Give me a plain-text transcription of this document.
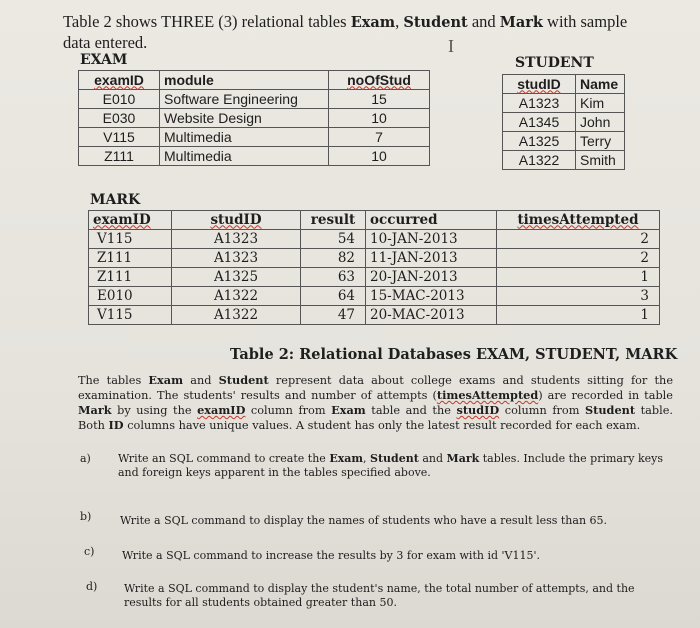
Table 2 shows THREE (3) relational tables Exam, Student and Mark with sample
data entered.	I
EXAM
examID	module	noOfStud
E010	Software Engineering	15
E030	Website Design	10
V115	Multimedia	7
Z111	Multimedia	10
STUDENT
studID	Name
A1323	Kim
A1345	John
A1325	Terry
A1322	Smith
MARK
examID	studID	result	occurred	timesAttempted
V115	A1323	54	10-JAN-2013	2
Z111	A1323	82	11-JAN-2013	2
Z111	A1325	63	20-JAN-2013	1
E010	A1322	64	15-MAC-2013	3
V115	A1322	47	20-MAC-2013	1
Table 2: Relational Databases EXAM, STUDENT, MARK
The tables Exam and Student represent data about college exams and students sitting for the examination. The students' results and number of attempts (timesAttempted) are recorded in table Mark by using the examID column from Exam table and the studID column from Student table. Both ID columns have unique values. A student has only the latest result recorded for each exam.
a) Write an SQL command to create the Exam, Student and Mark tables. Include the primary keys and foreign keys apparent in the tables specified above.
b)	Write a SQL command to display the names of students who have a result less than 65.
c)	Write a SQL command to increase the results by 3 for exam with id 'V115'.
d) Write a SQL command to display the student's name, the total number of attempts, and the results for all students obtained greater than 50.
